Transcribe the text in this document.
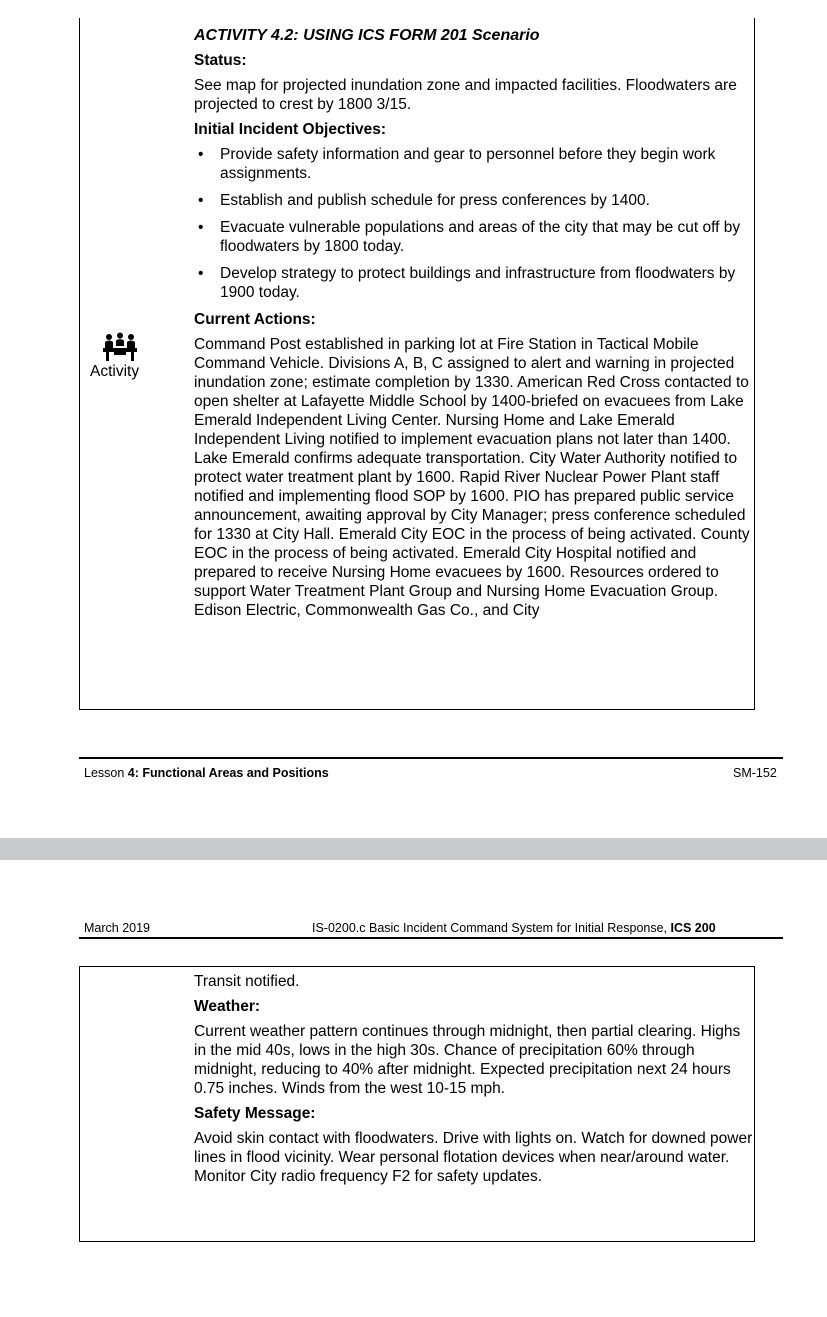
Activity
ACTIVITY 4.2: USING ICS FORM 201 Scenario
Status:

See map for projected inundation zone and impacted facilities. Floodwaters are projected to crest by 1800 3/15.

Initial Incident Objectives:
• Provide safety information and gear to personnel before they begin work assignments.
• Establish and publish schedule for press conferences by 1400.
• Evacuate vulnerable populations and areas of the city that may be cut off by floodwaters by 1800 today.
• Develop strategy to protect buildings and infrastructure from floodwaters by 1900 today.
Current Actions:

Command Post established in parking lot at Fire Station in Tactical Mobile Command Vehicle. Divisions A, B, C assigned to alert and warning in projected inundation zone; estimate completion by 1330. American Red Cross contacted to open shelter at Lafayette Middle School by 1400-briefed on evacuees from Lake Emerald Independent Living Center. Nursing Home and Lake Emerald Independent Living notified to implement evacuation plans not later than 1400. Lake Emerald confirms adequate transportation. City Water Authority notified to protect water treatment plant by 1600. Rapid River Nuclear Power Plant staff notified and implementing flood SOP by 1600. PIO has prepared public service announcement, awaiting approval by City Manager; press conference scheduled for 1330 at City Hall. Emerald City EOC in the process of being activated. County EOC in the process of being activated. Emerald City Hospital notified and prepared to receive Nursing Home evacuees by 1600. Resources ordered to support Water Treatment Plant Group and Nursing Home Evacuation Group. Edison Electric, Commonwealth Gas Co., and City

Lesson 4: Functional Areas and Positions	SM-152
March 2019	IS-0200.c Basic Incident Command System for Initial Response, ICS 200

Transit notified.

Weather:

Current weather pattern continues through midnight, then partial clearing. Highs in the mid 40s, lows in the high 30s. Chance of precipitation 60% through midnight, reducing to 40% after midnight. Expected precipitation next 24 hours 0.75 inches. Winds from the west 10-15 mph.

Safety Message:

Avoid skin contact with floodwaters. Drive with lights on. Watch for downed power lines in flood vicinity. Wear personal flotation devices when near/around water. Monitor City radio frequency F2 for safety updates.
